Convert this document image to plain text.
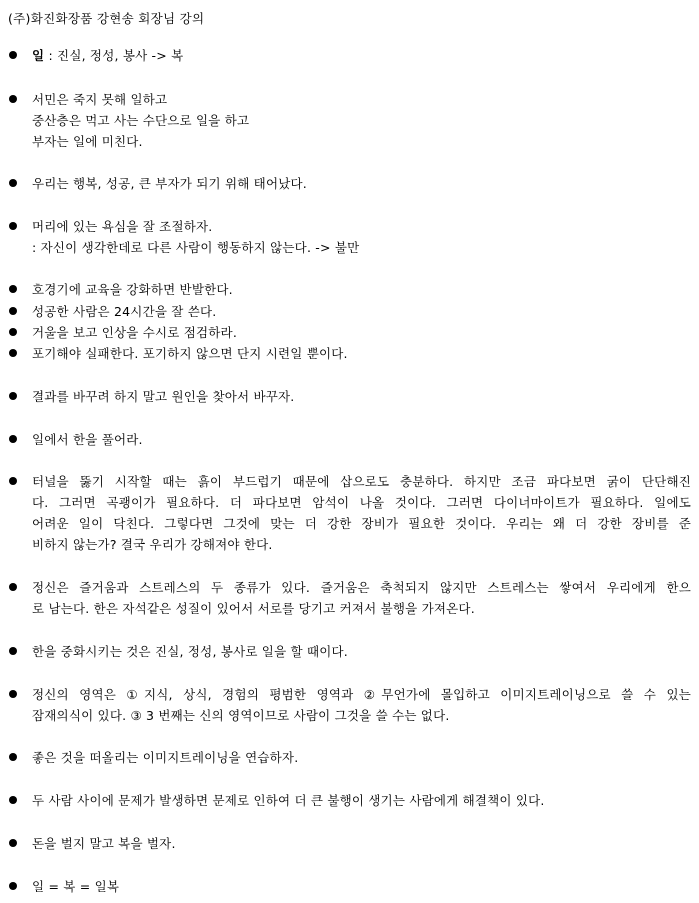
(주)화진화장품 강현송 회장님 강의
일 : 진실, 정성, 봉사 -> 복
서민은 죽지 못해 일하고
중산층은 먹고 사는 수단으로 일을 하고
부자는 일에 미친다.
우리는 행복, 성공, 큰 부자가 되기 위해 태어났다.
머리에 있는 욕심을 잘 조절하자.
: 자신이 생각한데로 다른 사람이 행동하지 않는다. -> 불만
호경기에 교육을 강화하면 반발한다.
성공한 사람은 24시간을 잘 쓴다.
거울을 보고 인상을 수시로 점검하라.
포기해야 실패한다. 포기하지 않으면 단지 시련일 뿐이다.
결과를 바꾸려 하지 말고 원인을 찾아서 바꾸자.
일에서 한을 풀어라.
터널을 뚫기 시작할 때는 흙이 부드럽기 때문에 삽으로도 충분하다. 하지만 조금 파다보면 굵이 단단해진
다. 그러면 곡괭이가 필요하다. 더 파다보면 암석이 나올 것이다. 그러면 다이너마이트가 필요하다. 일에도
어려운 일이 닥친다. 그렇다면 그것에 맞는 더 강한 장비가 필요한 것이다. 우리는 왜 더 강한 장비를 준
비하지 않는가? 결국 우리가 강해져야 한다.
정신은 즐거움과 스트레스의 두 종류가 있다. 즐거움은 축척되지 않지만 스트레스는 쌓여서 우리에게 한으
로 남는다. 한은 자석같은 성질이 있어서 서로를 당기고 커져서 불행을 가져온다.
한을 중화시키는 것은 진실, 정성, 봉사로 일을 할 때이다.
정신의 영역은 ①지식, 상식, 경험의 평범한 영역과 ②무언가에 몰입하고 이미지트레이닝으로 쓸 수 있는
잠재의식이 있다. ③ 3 번째는 신의 영역이므로 사람이 그것을 쓸 수는 없다.
좋은 것을 떠올리는 이미지트레이닝을 연습하자.
두 사람 사이에 문제가 발생하면 문제로 인하여 더 큰 불행이 생기는 사람에게 해결책이 있다.
돈을 벌지 말고 복을 벌자.
일 = 복 = 일복
